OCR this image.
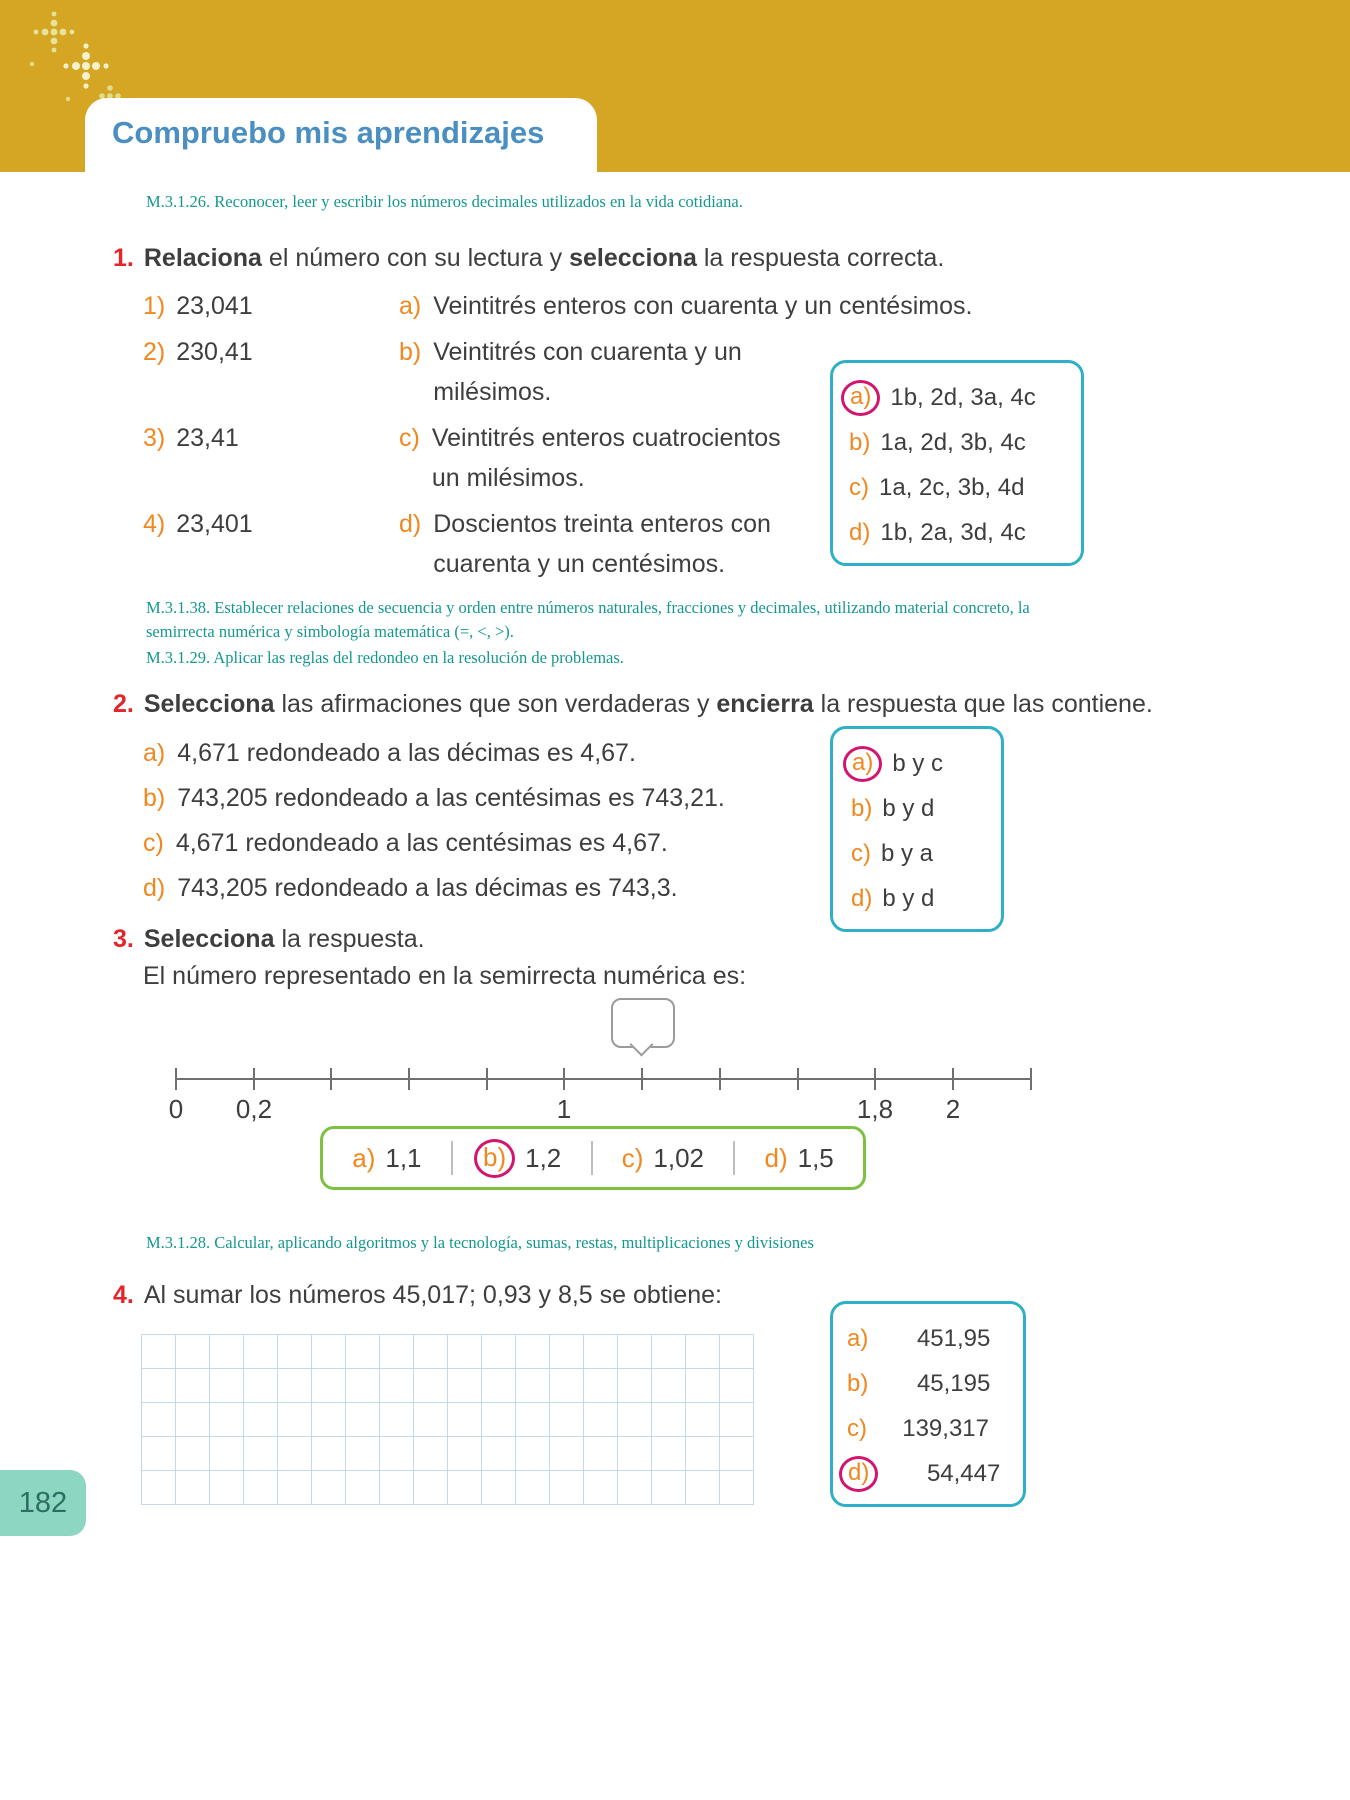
Compruebo mis aprendizajes

M.3.1.26. Reconocer, leer y escribir los números decimales utilizados en la vida cotidiana.

1. Relaciona el número con su lectura y selecciona la respuesta correcta.
1) 23,041	a) Veintitrés enteros con cuarenta y un centésimos.
2) 230,41	b) Veintitrés con cuarenta y un
milésimos.
3) 23,41	c) Veintitrés enteros cuatrocientos
un milésimos.
4) 23,401	d) Doscientos treinta enteros con
cuarenta y un centésimos.
a) 1b, 2d, 3a, 4c
b) 1a, 2d, 3b, 4c
c) 1a, 2c, 3b, 4d
d) 1b, 2a, 3d, 4c

M.3.1.38. Establecer relaciones de secuencia y orden entre números naturales, fracciones y decimales, utilizando material concreto, la semirrecta numérica y simbología matemática (=, <, >).

M.3.1.29. Aplicar las reglas del redondeo en la resolución de problemas.

2. Selecciona las afirmaciones que son verdaderas y encierra la respuesta que las contiene.
a) 4,671 redondeado a las décimas es 4,67.
b) 743,205 redondeado a las centésimas es 743,21.
c) 4,671 redondeado a las centésimas es 4,67.
d) 743,205 redondeado a las décimas es 743,3.
a) b y c
b) b y d
c) b y a
d) b y d
3. Selecciona la respuesta.
El número representado en la semirrecta numérica es:
0 0,2	1	1,8 2
a) 1,1	b) 1,2 c) 1,02 d) 1,5

M.3.1.28. Calcular, aplicando algoritmos y la tecnología, sumas, restas, multiplicaciones y divisiones

4. Al sumar los números 45,017; 0,93 y 8,5 se obtiene:
a)	451,95
b)	45,195
c)	139,317
d)	54,447
182
